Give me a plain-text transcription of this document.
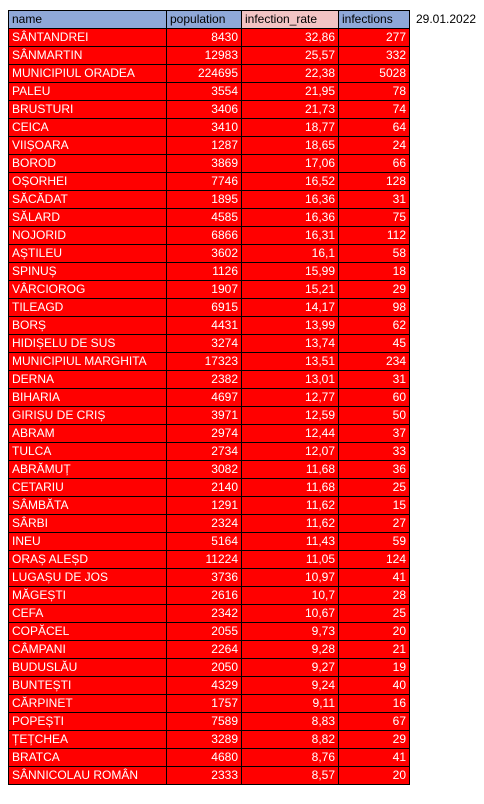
name	population	infection_rate	infections
SÂNTANDREI	8430	32,86	277
SÂNMARTIN	12983	25,57	332
MUNICIPIUL ORADEA	224695	22,38	5028
PALEU	3554	21,95	78
BRUSTURI	3406	21,73	74
CEICA	3410	18,77	64
VIIȘOARA	1287	18,65	24
BOROD	3869	17,06	66
OȘORHEI	7746	16,52	128
SĂCĂDAT	1895	16,36	31
SĂLARD	4585	16,36	75
NOJORID	6866	16,31	112
AȘTILEU	3602	16,1	58
SPINUȘ	1126	15,99	18
VÂRCIOROG	1907	15,21	29
TILEAGD	6915	14,17	98
BORȘ	4431	13,99	62
HIDIȘELU DE SUS	3274	13,74	45
MUNICIPIUL MARGHITA	17323	13,51	234
DERNA	2382	13,01	31
BIHARIA	4697	12,77	60
GIRIȘU DE CRIȘ	3971	12,59	50
ABRAM	2974	12,44	37
TULCA	2734	12,07	33
ABRĂMUȚ	3082	11,68	36
CETARIU	2140	11,68	25
SÂMBĂTA	1291	11,62	15
SÂRBI	2324	11,62	27
INEU	5164	11,43	59
ORAȘ ALEȘD	11224	11,05	124
LUGAȘU DE JOS	3736	10,97	41
MĂGEȘTI	2616	10,7	28
CEFA	2342	10,67	25
COPĂCEL	2055	9,73	20
CÂMPANI	2264	9,28	21
BUDUSLĂU	2050	9,27	19
BUNTEȘTI	4329	9,24	40
CĂRPINET	1757	9,11	16
POPEȘTI	7589	8,83	67
ȚEȚCHEA	3289	8,82	29
BRATCA	4680	8,76	41
SÂNNICOLAU ROMÂN	2333	8,57	20
29.01.2022
